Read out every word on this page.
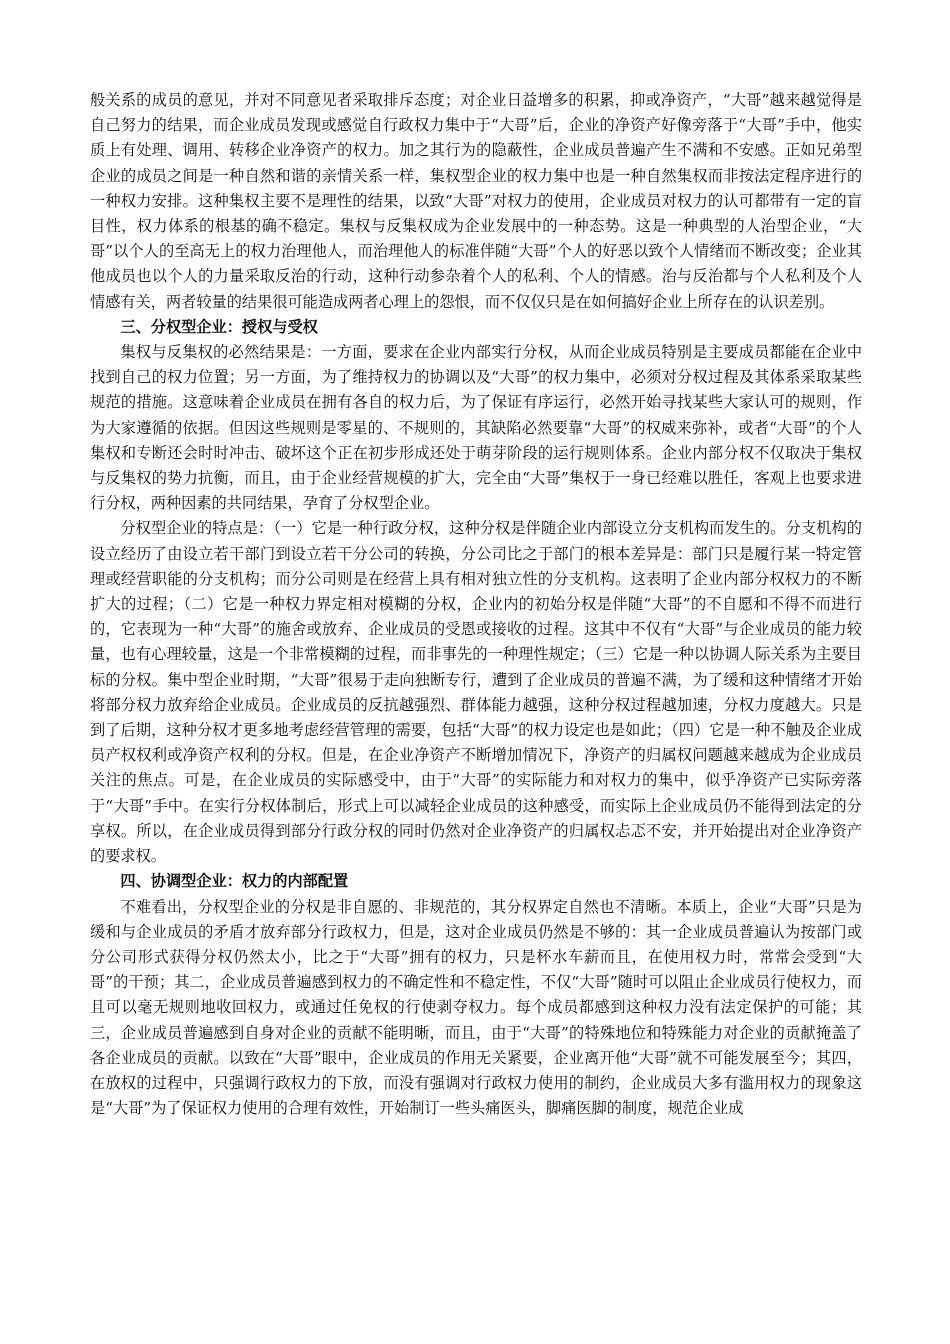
般关系的成员的意见，并对不同意见者采取排斥态度；对企业日益增多的积累，抑或净资产，“大哥”越来越觉得是自己努力的结果，而企业成员发现或感觉自行政权力集中于“大哥”后，企业的净资产好像旁落于“大哥”手中，他实质上有处理、调用、转移企业净资产的权力。加之其行为的隐蔽性，企业成员普遍产生不满和不安感。正如兄弟型企业的成员之间是一种自然和谐的亲情关系一样，集权型企业的权力集中也是一种自然集权而非按法定程序进行的一种权力安排。这种集权主要不是理性的结果，以致“大哥”对权力的使用，企业成员对权力的认可都带有一定的盲目性，权力体系的根基的确不稳定。集权与反集权成为企业发展中的一种态势。这是一种典型的人治型企业，“大哥”以个人的至高无上的权力治理他人，而治理他人的标准伴随“大哥”个人的好恶以致个人情绪而不断改变；企业其他成员也以个人的力量采取反治的行动，这种行动参杂着个人的私利、个人的情感。治与反治都与个人私利及个人情感有关，两者较量的结果很可能造成两者心理上的怨恨，而不仅仅只是在如何搞好企业上所存在的认识差别。

三、分权型企业：授权与受权

集权与反集权的必然结果是：一方面，要求在企业内部实行分权，从而企业成员特别是主要成员都能在企业中找到自己的权力位置；另一方面，为了维持权力的协调以及“大哥”的权力集中，必须对分权过程及其体系采取某些规范的措施。这意味着企业成员在拥有各自的权力后，为了保证有序运行，必然开始寻找某些大家认可的规则，作为大家遵循的依据。但因这些规则是零星的、不规则的，其缺陷必然要靠“大哥”的权威来弥补，或者“大哥”的个人集权和专断还会时时冲击、破坏这个正在初步形成还处于萌芽阶段的运行规则体系。企业内部分权不仅取决于集权与反集权的势力抗衡，而且，由于企业经营规模的扩大，完全由“大哥”集权于一身已经难以胜任，客观上也要求进行分权，两种因素的共同结果，孕育了分权型企业。

分权型企业的特点是：（一）它是一种行政分权，这种分权是伴随企业内部设立分支机构而发生的。分支机构的设立经历了由设立若干部门到设立若干分公司的转换，分公司比之于部门的根本差异是：部门只是履行某一特定管理或经营职能的分支机构；而分公司则是在经营上具有相对独立性的分支机构。这表明了企业内部分权权力的不断扩大的过程；（二）它是一种权力界定相对模糊的分权，企业内的初始分权是伴随“大哥”的不自愿和不得不而进行的，它表现为一种“大哥”的施舍或放弃、企业成员的受恩或接收的过程。这其中不仅有“大哥”与企业成员的能力较量，也有心理较量，这是一个非常模糊的过程，而非事先的一种理性规定；（三）它是一种以协调人际关系为主要目标的分权。集中型企业时期，“大哥”很易于走向独断专行，遭到了企业成员的普遍不满，为了缓和这种情绪才开始将部分权力放弃给企业成员。企业成员的反抗越强烈、群体能力越强，这种分权过程越加速，分权力度越大。只是到了后期，这种分权才更多地考虑经营管理的需要，包括“大哥”的权力设定也是如此；（四）它是一种不触及企业成员产权权利或净资产权利的分权。但是，在企业净资产不断增加情况下，净资产的归属权问题越来越成为企业成员关注的焦点。可是，在企业成员的实际感受中，由于“大哥”的实际能力和对权力的集中，似乎净资产已实际旁落于“大哥”手中。在实行分权体制后，形式上可以减轻企业成员的这种感受，而实际上企业成员仍不能得到法定的分享权。所以，在企业成员得到部分行政分权的同时仍然对企业净资产的归属权忐忑不安，并开始提出对企业净资产的要求权。

四、协调型企业：权力的内部配置

不难看出，分权型企业的分权是非自愿的、非规范的，其分权界定自然也不清晰。本质上，企业“大哥”只是为缓和与企业成员的矛盾才放弃部分行政权力，但是，这对企业成员仍然是不够的：其一企业成员普遍认为按部门或分公司形式获得分权仍然太小，比之于“大哥”拥有的权力，只是杯水车薪而且，在使用权力时，常常会受到“大哥”的干预；其二，企业成员普遍感到权力的不确定性和不稳定性，不仅“大哥”随时可以阻止企业成员行使权力，而且可以毫无规则地收回权力，或通过任免权的行使剥夺权力。每个成员都感到这种权力没有法定保护的可能；其三，企业成员普遍感到自身对企业的贡献不能明晰，而且，由于“大哥”的特殊地位和特殊能力对企业的贡献掩盖了各企业成员的贡献。以致在“大哥”眼中，企业成员的作用无关紧要，企业离开他“大哥”就不可能发展至今；其四，在放权的过程中，只强调行政权力的下放，而没有强调对行政权力使用的制约，企业成员大多有滥用权力的现象这是“大哥”为了保证权力使用的合理有效性，开始制订一些头痛医头，脚痛医脚的制度，规范企业成
